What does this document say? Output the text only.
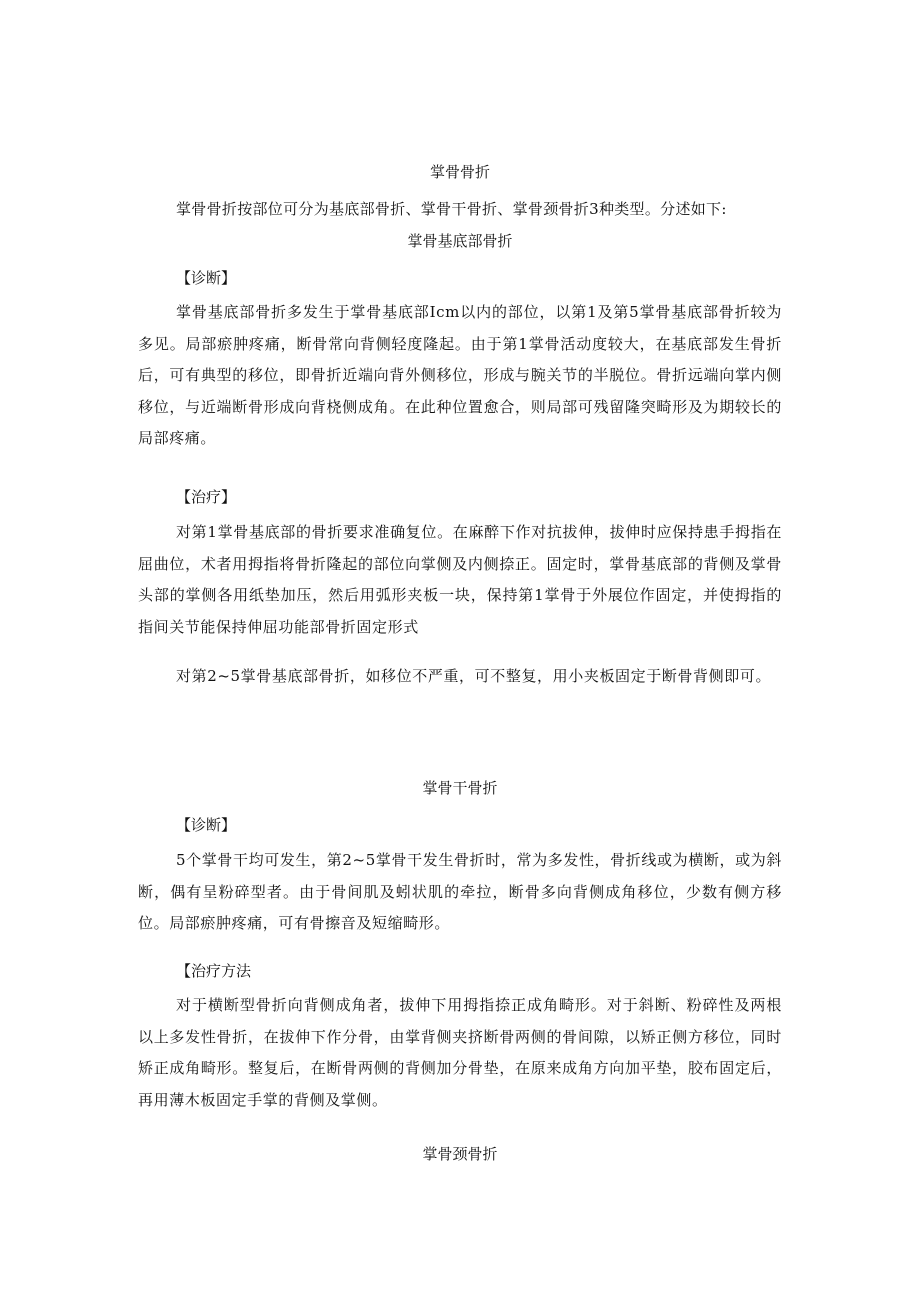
掌骨骨折

掌骨骨折按部位可分为基底部骨折、掌骨干骨折、掌骨颈骨折3种类型。分述如下:

掌骨基底部骨折

【诊断】

掌骨基底部骨折多发生于掌骨基底部Icm以内的部位，以第1及第5掌骨基底部骨折较为多见。局部瘀肿疼痛，断骨常向背侧轻度隆起。由于第1掌骨活动度较大，在基底部发生骨折后，可有典型的移位，即骨折近端向背外侧移位，形成与腕关节的半脱位。骨折远端向掌内侧移位，与近端断骨形成向背桡侧成角。在此种位置愈合，则局部可残留隆突畸形及为期较长的局部疼痛。

【治疗】

对第1掌骨基底部的骨折要求准确复位。在麻醉下作对抗拔伸，拔伸时应保持患手拇指在屈曲位，术者用拇指将骨折隆起的部位向掌侧及内侧捺正。固定时，掌骨基底部的背侧及掌骨头部的掌侧各用纸垫加压，然后用弧形夹板一块，保持第1掌骨于外展位作固定，并使拇指的指间关节能保持伸屈功能部骨折固定形式

对第2~5掌骨基底部骨折，如移位不严重，可不整复，用小夹板固定于断骨背侧即可。

掌骨干骨折

【诊断】

5个掌骨干均可发生，第2~5掌骨干发生骨折时，常为多发性，骨折线或为横断，或为斜断，偶有呈粉碎型者。由于骨间肌及蚓状肌的牵拉，断骨多向背侧成角移位，少数有侧方移位。局部瘀肿疼痛，可有骨擦音及短缩畸形。

【治疗方法

对于横断型骨折向背侧成角者，拔伸下用拇指捺正成角畸形。对于斜断、粉碎性及两根以上多发性骨折，在拔伸下作分骨，由掌背侧夹挤断骨两侧的骨间隙，以矫正侧方移位，同时矫正成角畸形。整复后，在断骨两侧的背侧加分骨垫，在原来成角方向加平垫，胶布固定后，再用薄木板固定手掌的背侧及掌侧。

掌骨颈骨折
